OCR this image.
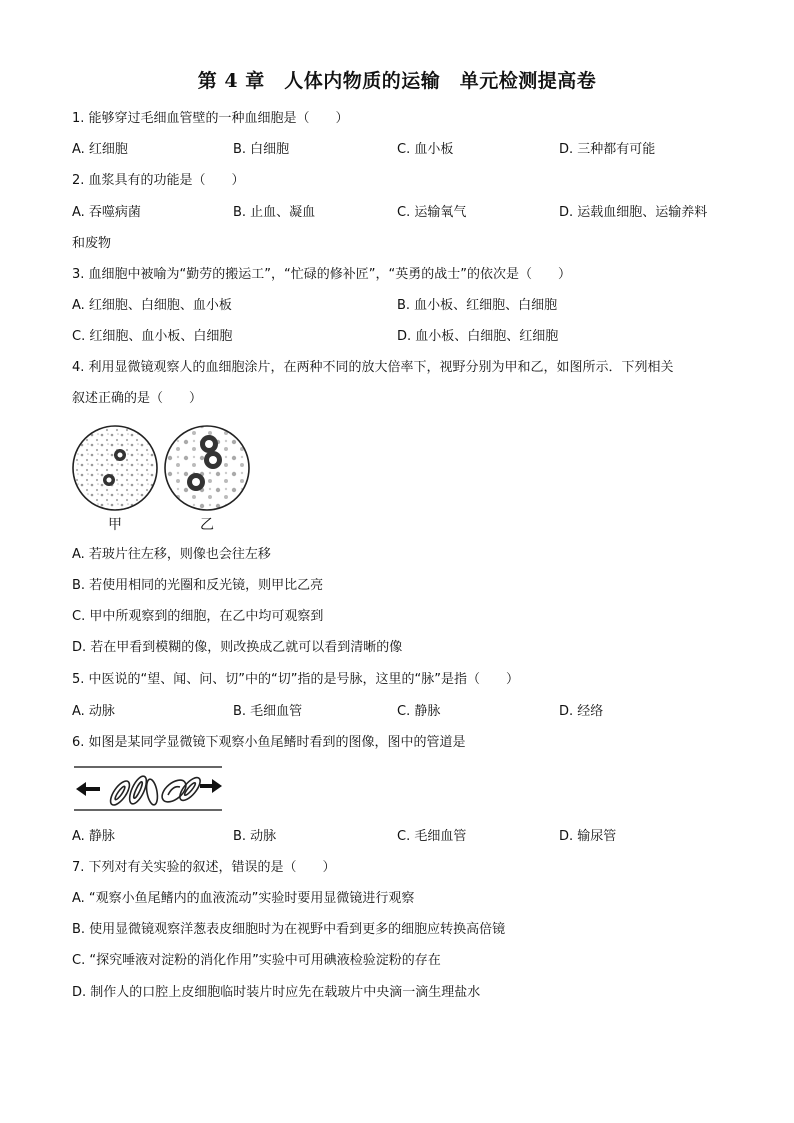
第 4 章　人体内物质的运输　单元检测提高卷
1. 能够穿过毛细血管壁的一种血细胞是（　　）
A. 红细胞	B. 白细胞	C. 血小板	D. 三种都有可能
2. 血浆具有的功能是（　　）
A. 吞噬病菌	B. 止血、凝血	C. 运输氧气	D. 运载血细胞、运输养料
和废物
3. 血细胞中被喻为“勤劳的搬运工”，“忙碌的修补匠”，“英勇的战士”的依次是（　　）
A. 红细胞、白细胞、血小板	B. 血小板、红细胞、白细胞
C. 红细胞、血小板、白细胞	D. 血小板、白细胞、红细胞
4. 利用显微镜观察人的血细胞涂片，在两种不同的放大倍率下，视野分别为甲和乙，如图所示．下列相关
叙述正确的是（　　）
甲	乙
A. 若玻片往左移，则像也会往左移
B. 若使用相同的光圈和反光镜，则甲比乙亮
C. 甲中所观察到的细胞，在乙中均可观察到
D. 若在甲看到模糊的像，则改换成乙就可以看到清晰的像
5. 中医说的“望、闻、问、切”中的“切”指的是号脉，这里的“脉”是指（　　）
A. 动脉	B. 毛细血管	C. 静脉	D. 经络
6. 如图是某同学显微镜下观察小鱼尾鳍时看到的图像，图中的管道是
A. 静脉	B. 动脉	C. 毛细血管	D. 输尿管
7. 下列对有关实验的叙述，错误的是（　　）
A. “观察小鱼尾鳍内的血液流动”实验时要用显微镜进行观察
B. 使用显微镜观察洋葱表皮细胞时为在视野中看到更多的细胞应转换高倍镜
C. “探究唾液对淀粉的消化作用”实验中可用碘液检验淀粉的存在
D. 制作人的口腔上皮细胞临时装片时应先在载玻片中央滴一滴生理盐水
